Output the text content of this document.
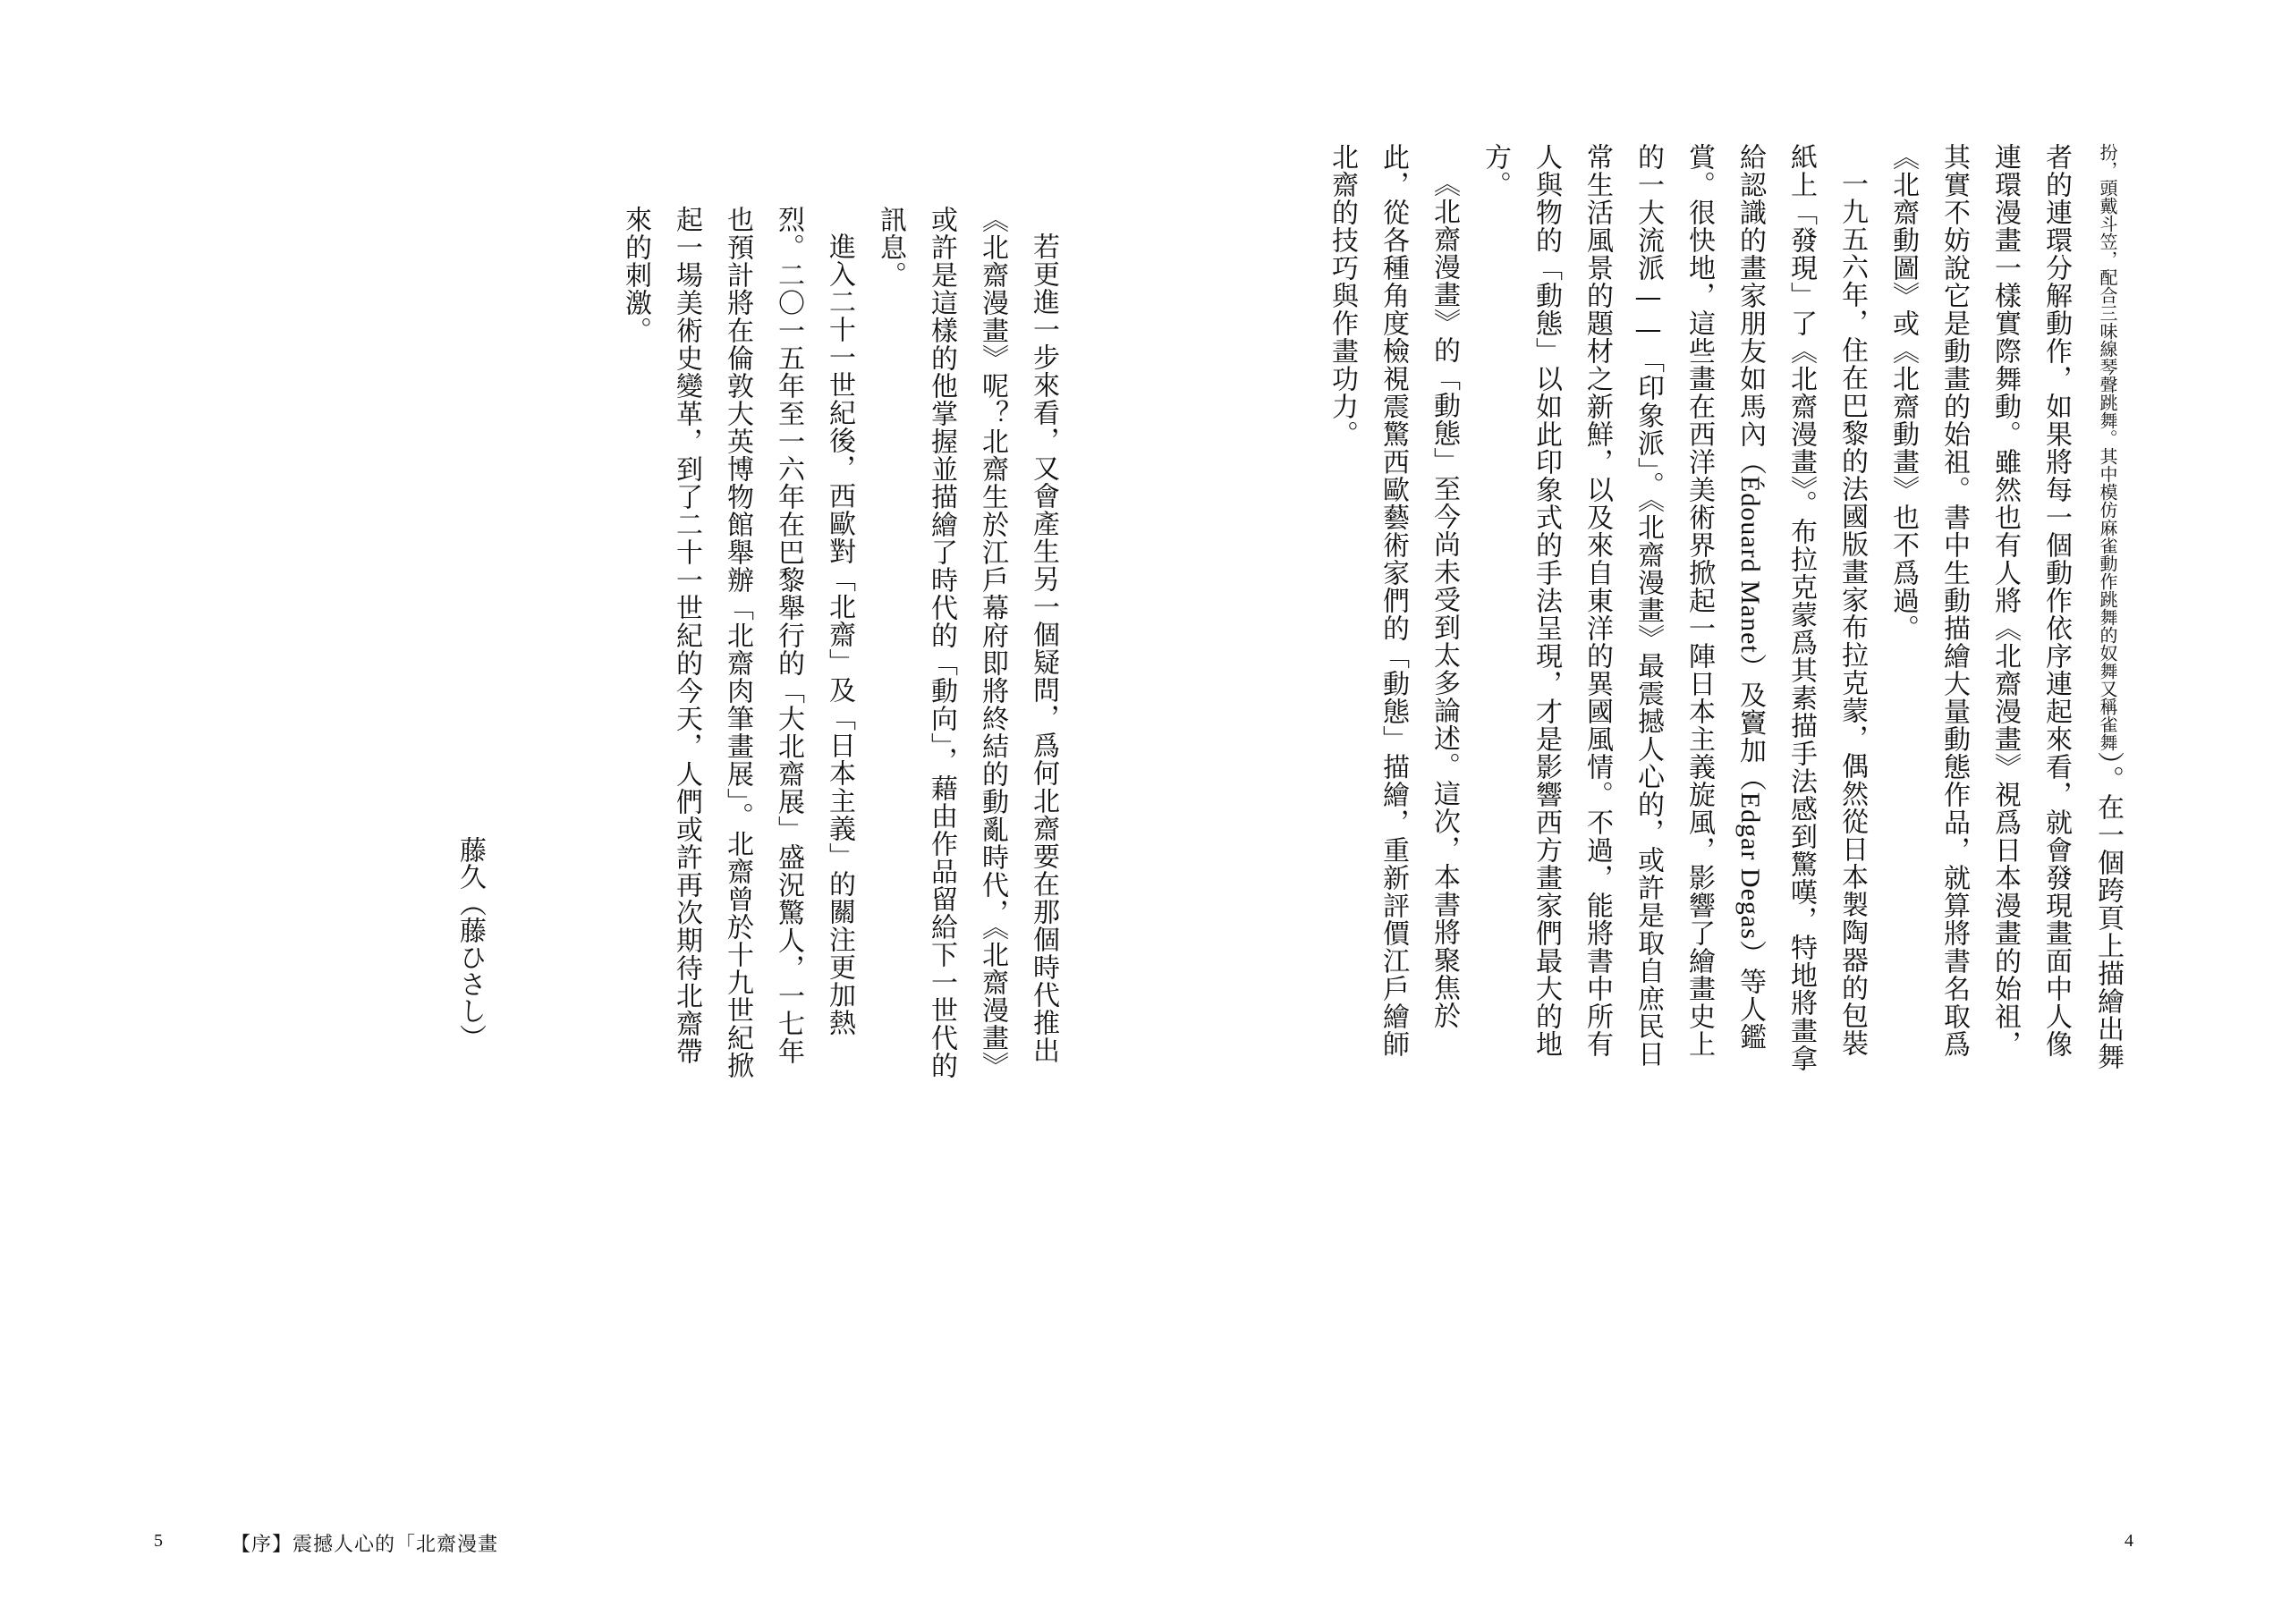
若更進一步來看，又會產生另一個疑問，爲何北齋要在那個時代推出《北齋漫畫》呢？北齋生於江戶幕府即將終結的動亂時代，《北齋漫畫》或許是這樣的他掌握並描繪了時代的「動向」，藉由作品留給下一世代的訊息。
進入二十一世紀後，西歐對「北齋」及「日本主義」的關注更加熱烈。二〇一五年至一六年在巴黎舉行的「大北齋展」盛況驚人，一七年也預計將在倫敦大英博物館舉辦「北齋肉筆畫展」。北齋曾於十九世紀掀起一場美術史變革，到了二十一世紀的今天，人們或許再次期待北齋帶來的刺激。
藤久（藤ひさし）
5	【序】震撼人心的「北齋漫畫
扮，頭戴斗笠，配合三味線琴聲跳舞。其中模仿麻雀動作跳舞的奴舞又稱雀舞）。在一個跨頁上描繪出舞者的連環分解動作，如果將每一個動作依序連起來看，就會發現畫面中人像連環漫畫一樣實際舞動。雖然也有人將《北齋漫畫》視爲日本漫畫的始祖，其實不妨說它是動畫的始祖。書中生動描繪大量動態作品，就算將書名取爲《北齋動圖》或《北齋動畫》也不爲過。
一九五六年，住在巴黎的法國版畫家布拉克蒙，偶然從日本製陶器的包裝紙上「發現」了《北齋漫畫》。布拉克蒙爲其素描手法感到驚嘆，特地將畫拿給認識的畫家朋友如馬內（Édouard Manet）及竇加（Edgar Degas）等人鑑賞。很快地，這些畫在西洋美術界掀起一陣日本主義旋風，影響了繪畫史上的一大流派——「印象派」。《北齋漫畫》最震撼人心的，或許是取自庶民日常生活風景的題材之新鮮，以及來自東洋的異國風情。不過，能將書中所有人與物的「動態」以如此印象式的手法呈現，才是影響西方畫家們最大的地方。
《北齋漫畫》的「動態」至今尚未受到太多論述。這次，本書將聚焦於此，從各種角度檢視震驚西歐藝術家們的「動態」描繪，重新評價江戶繪師北齋的技巧與作畫功力。
4
